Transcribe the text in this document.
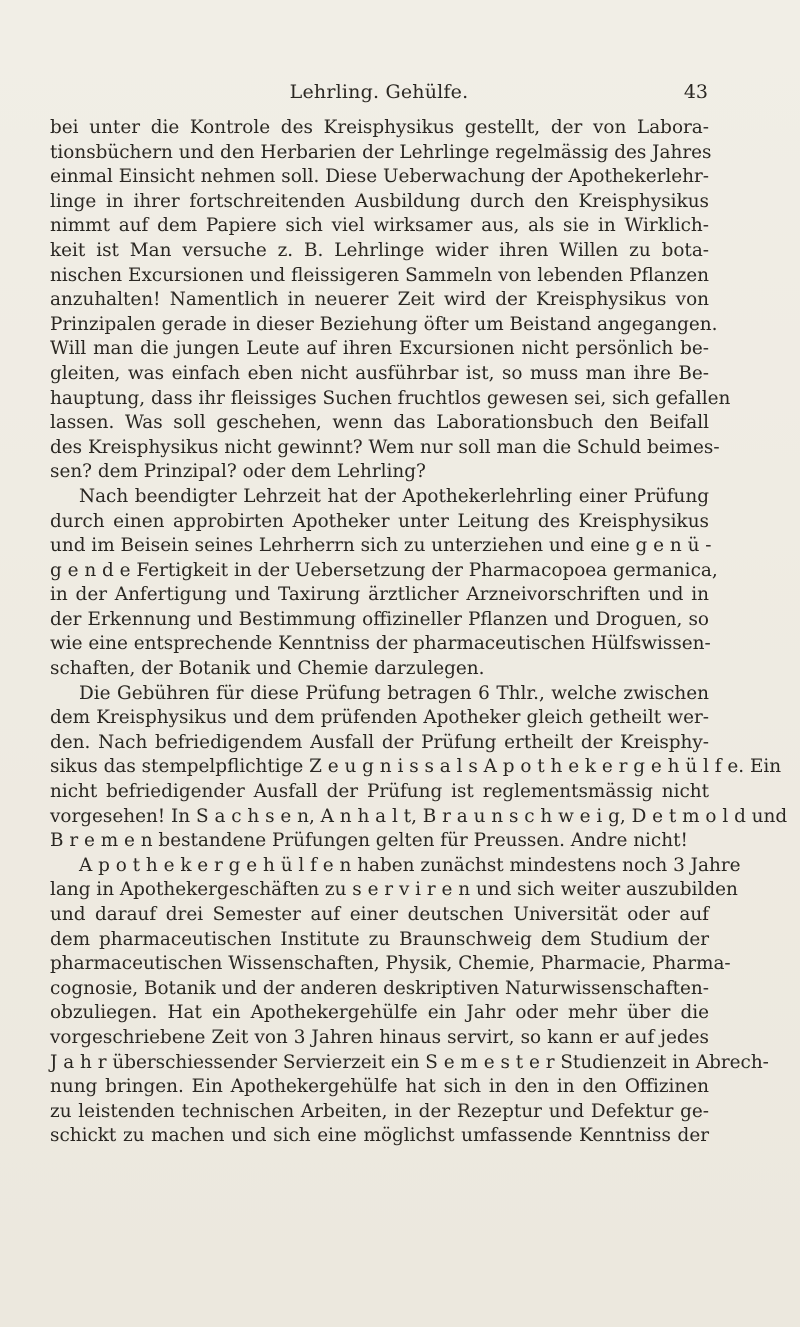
Lehrling. Gehülfe.	43
bei unter die Kontrole des Kreisphysikus gestellt, der von Labora-
tionsbüchern und den Herbarien der Lehrlinge regelmässig des Jahres
einmal Einsicht nehmen soll. Diese Ueberwachung der Apothekerlehr-
linge in ihrer fortschreitenden Ausbildung durch den Kreisphysikus
nimmt auf dem Papiere sich viel wirksamer aus, als sie in Wirklich-
keit ist Man versuche z. B. Lehrlinge wider ihren Willen zu bota-
nischen Excursionen und fleissigeren Sammeln von lebenden Pflanzen
anzuhalten! Namentlich in neuerer Zeit wird der Kreisphysikus von
Prinzipalen gerade in dieser Beziehung öfter um Beistand angegangen.
Will man die jungen Leute auf ihren Excursionen nicht persönlich be-
gleiten, was einfach eben nicht ausführbar ist, so muss man ihre Be-
hauptung, dass ihr fleissiges Suchen fruchtlos gewesen sei, sich gefallen
lassen. Was soll geschehen, wenn das Laborationsbuch den Beifall
des Kreisphysikus nicht gewinnt? Wem nur soll man die Schuld beimes-
sen? dem Prinzipal? oder dem Lehrling?
Nach beendigter Lehrzeit hat der Apothekerlehrling einer Prüfung
durch einen approbirten Apotheker unter Leitung des Kreisphysikus
und im Beisein seines Lehrherrn sich zu unterziehen und eine g e n ü -
g e n d e Fertigkeit in der Uebersetzung der Pharmacopoea germanica,
in der Anfertigung und Taxirung ärztlicher Arzneivorschriften und in
der Erkennung und Bestimmung offizineller Pflanzen und Droguen, so
wie eine entsprechende Kenntniss der pharmaceutischen Hülfswissen-
schaften, der Botanik und Chemie darzulegen.
Die Gebühren für diese Prüfung betragen 6 Thlr., welche zwischen
dem Kreisphysikus und dem prüfenden Apotheker gleich getheilt wer-
den. Nach befriedigendem Ausfall der Prüfung ertheilt der Kreisphy-
sikus das stempelpflichtige Z e u g n i s s a l s A p o t h e k e r g e h ü l f e. Ein
nicht befriedigender Ausfall der Prüfung ist reglementsmässig nicht
vorgesehen! In S a c h s e n, A n h a l t, B r a u n s c h w e i g, D e t m o l d und
B r e m e n bestandene Prüfungen gelten für Preussen. Andre nicht!
A p o t h e k e r g e h ü l f e n haben zunächst mindestens noch 3 Jahre
lang in Apothekergeschäften zu s e r v i r e n und sich weiter auszubilden
und darauf drei Semester auf einer deutschen Universität oder auf
dem pharmaceutischen Institute zu Braunschweig dem Studium der
pharmaceutischen Wissenschaften, Physik, Chemie, Pharmacie, Pharma-
cognosie, Botanik und der anderen deskriptiven Naturwissenschaften-
obzuliegen. Hat ein Apothekergehülfe ein Jahr oder mehr über die
vorgeschriebene Zeit von 3 Jahren hinaus servirt, so kann er auf jedes
J a h r überschiessender Servierzeit ein S e m e s t e r Studienzeit in Abrech-
nung bringen. Ein Apothekergehülfe hat sich in den in den Offizinen
zu leistenden technischen Arbeiten, in der Rezeptur und Defektur ge-
schickt zu machen und sich eine möglichst umfassende Kenntniss der
